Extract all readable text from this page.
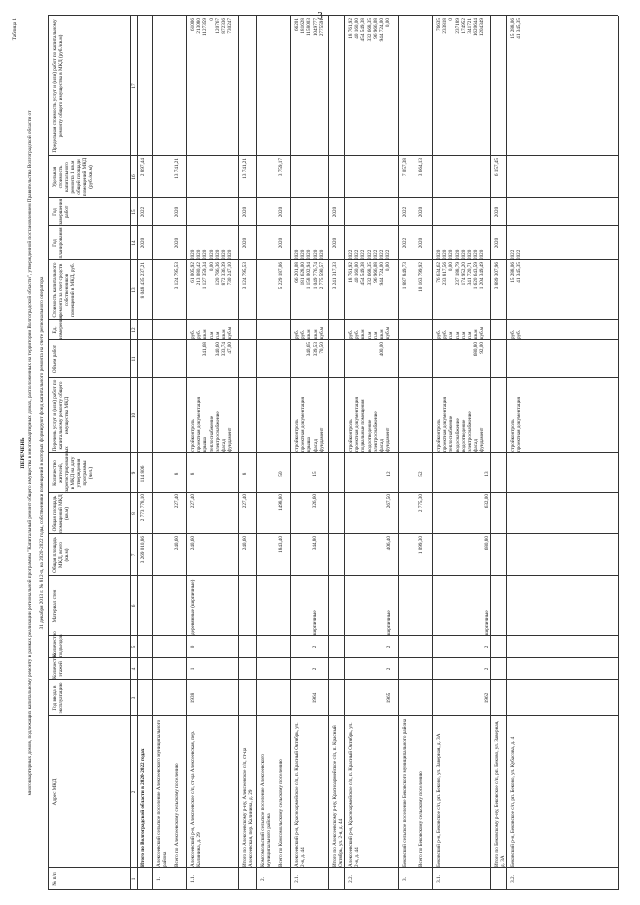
3
Таблица 1
ПЕРЕЧЕНЬ многоквартирных домов, подлежащих капитальному ремонту в рамках реализации региональной программы "Капитальный ремонт общего имущества в многоквартирных домах, расположенных на территории Волгоградской области", утвержденной постановлением Правительства Волгоградской области от 31 декабря 2013 г. № 812-п, на 2020-2022 годы, собственники помещений в которых формируют фонд капитального ремонта на счете регионального оператора
№ п/п
Адрес МКД
Год ввода в эксплуатацию
Количество этажей
Количество подъездов
Материал стен
Общая площадь МКД, всего (кв.м)
Общая площадь помещений МКД (кв.м)
Количество жителей, зарегистрированных в МКД на дату утверждения программы (чел.)
Перечень услуг и (или) работ по капитальному ремонту общего имущества МКД
Объем работ
Ед. измерения
Стоимость капитального ремонта за счет средств собственников помещений в МКД, руб.
Год планирования
Год завершения работ
Удельная стоимость капитального ремонта 1 кв.м общей площади помещений МКД (руб./кв.м)
Предельная стоимость услуг и (или) работ по капитальному ремонту общего имущества в МКД (руб./кв.м)
1
2
3
4
5
6
7
8
9
10
11
12
13
14
15
16
17
Итого по Волгоградской области в 2020-2022 годах
3 269 010,86
2 773 778,10
114 806
8 048 435 237,21
2020
2022
2 897,44
1.
Алексеевский сельское поселение Алексеевского муниципального района Всего по Алексеевскому сельскому поселению
240,60
227,40
8
3 124 795,53
2020
2020
13 741,21
1.1.
Алексеевский р-н, Алексеевское с/п, ст-ца Алексеевская, пер. Калинина, д. 29
1938
1
0
деревянные (кирпичные)
240,60
227,40
8
стройконтроль проектная документация крыша теплоснабжение электроснабжение фасад фундамент
341,68 340,60 333,74 47,00
руб. руб. кв.м п.м п.м кв.м куб.м
61 005,92 213 080,42 1 127 359,34 0,00 120 766,36 872 336,39 730 247,10
2020 2020 2020 2020 2020 2020 2020
61006 213080 1127359 0 120767 872336 730247
Итого по Алексеевскому р-ну, Алексеевское с/п, ст-ца Алексеевская, пер. Калинина, д. 29
240,60
227,40
8
3 124 795,53
2020
2020
13 741,21
2.
Комсомольский сельское поселение Алексеевского муниципального района Всего по Комсомольскому сельскому поселению
1843,40
1498,80
50
5 229 187,06
2020
2020
3 759,17
2.1.
Алексеевский р-н, Красноармейское с/п, п. Красный Октябрь, ул. 2-я, д. 44
1964
2
2
кирпичные
344,80
326,60
15
стройконтроль проектная документация крыша фасад фундамент
340,65 339,53 70,50
руб. руб. кв.м кв.м куб.м
66 201,08 181 628,00 1 158 002,94 1 049 776,74 2 775 590,57
2020 2020 2020 2020 2020
66201 181628 1158003 1049777 2775591
Итого по Алексеевскому р-ну, Красноармейское с/п, п. Красный Октябрь, ул. 2-я, д. 44
3 241 317,33
2020
2020
2.2.
Алексеевский р-н, Красноармейское с/п, п. Красный Октябрь, ул. 2-я, д. 44
1965
2
2
кирпичные
406,40
267,50
12
стройконтроль проектная документация подвальные помещения водоотведение электроснабжение фасад фундамент
400,00
руб. руб. кв.м п.м п.м кв.м куб.м
18 761,92 40 160,00 454 549,38 332 668,35 96 966,08 944 724,00 0,00
2022 2022 2022 2022 2022 2022 2022
18 761,92 40 160,00 454 549,38 332 668,35 96 966,08 944 724,00 0,00
3.
Бековский сельское поселение Бековского муниципального района
1 887 849,73
2022
2022
7 057,38
Всего по Бековскому сельскому поселению
1 099,30
2 775,30
52
10 163 799,92
2020
2020
3 664,13
3.1.
Бековский р-н, Бековское с/п, рп. Беково, ул. Заверная, д. 3А
1962
2
2
кирпичные
680,80
632,00
13
стройконтроль проектная документация теплоснабжение водоснабжение водоотведение электроснабжение фасад фундамент
680,80 92,00
руб. руб. п.м п.м п.м п.м кв.м куб.м
76 634,62 233 817,56 0,00 237 188,79 174 952,20 341 720,71 1 620 643,59 1 204 349,49
2020 2020 2020 2020 2020 2020 2020 2020
76635 233818 0 237189 174952 341721 1620644 1204349
Итого по Бековскому р-ну, Бековское с/п, рп. Беково, ул. Заверная, д. 3А
3 889 307,96
2020
2020
6 157,45
3.2.
Бековский р-н, Бековское с/п, рп. Беково, ул. Кубасова, д. 4
стройконтроль проектная документация
руб. руб.
15 288,06 41 345,35
2022 2022
15 288,06 41 345,35
